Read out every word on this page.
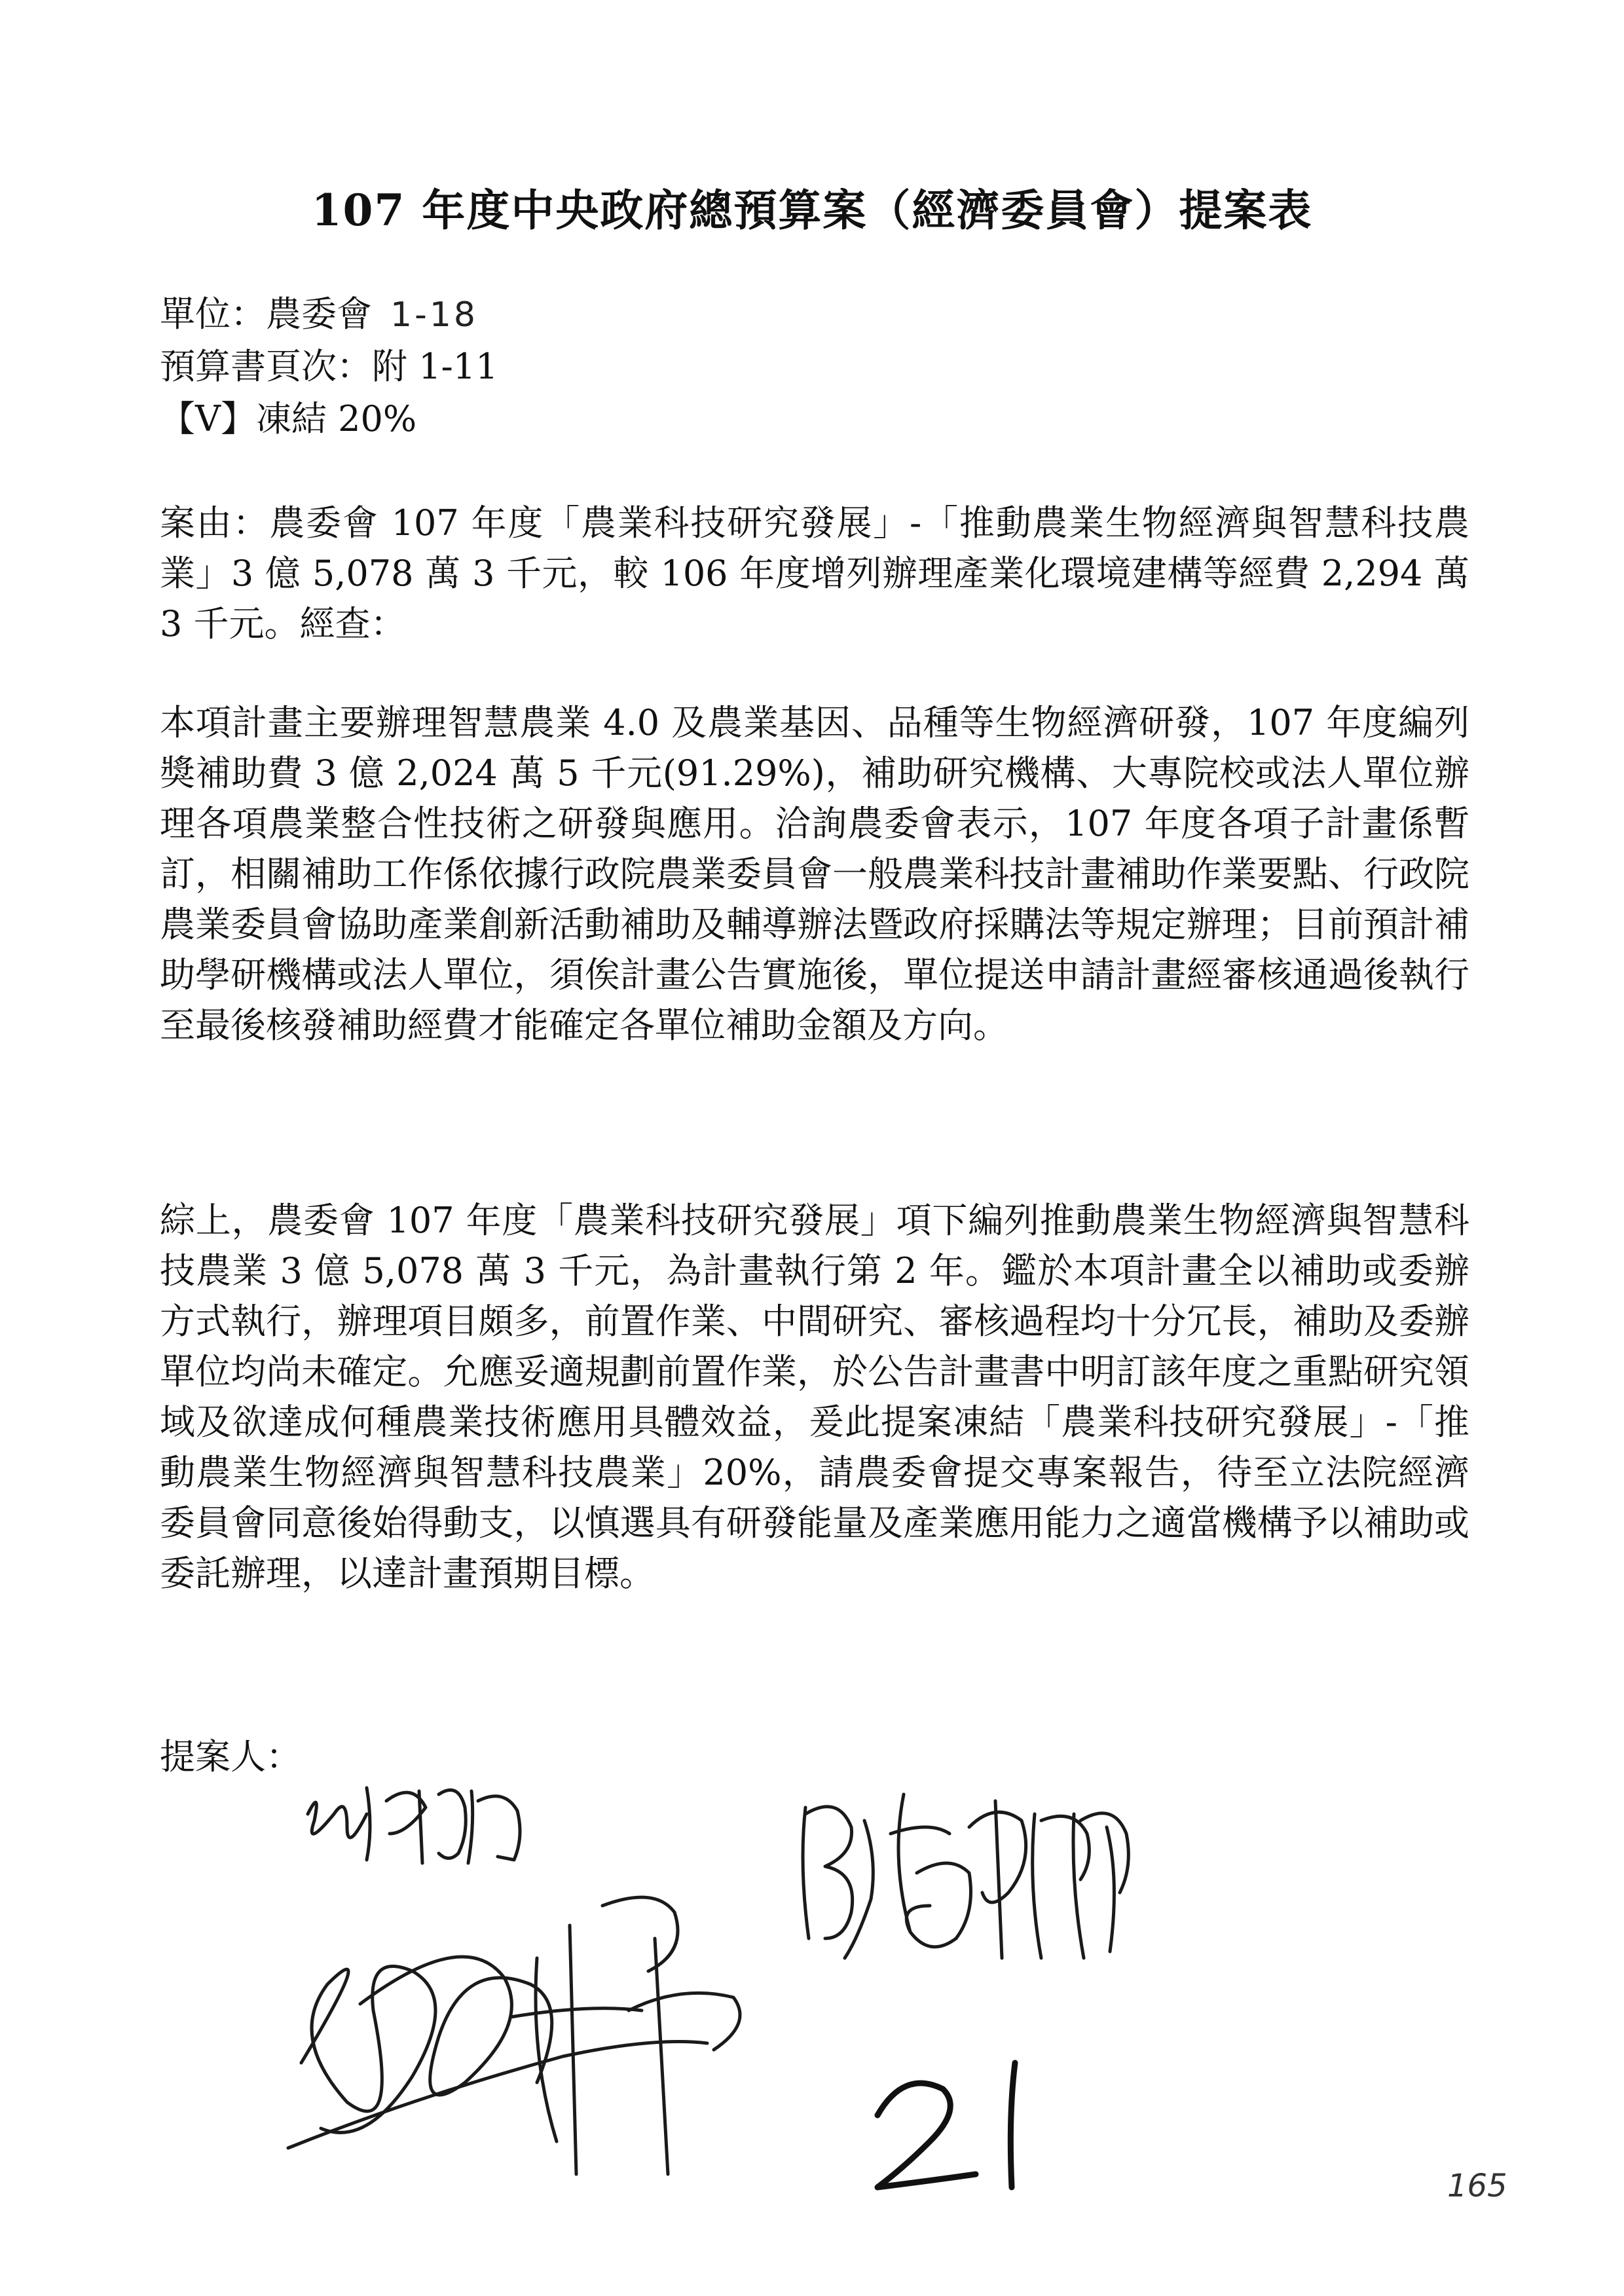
107 年度中央政府總預算案（經濟委員會）提案表
單位：農委會 1-18
預算書頁次：附 1-11
【V】凍結 20%
案由：農委會 107 年度「農業科技研究發展」-「推動農業生物經濟與智慧科技農業」3 億 5,078 萬 3 千元，較 106 年度增列辦理產業化環境建構等經費 2,294 萬 3 千元。經查：
本項計畫主要辦理智慧農業 4.0 及農業基因、品種等生物經濟研發，107 年度編列獎補助費 3 億 2,024 萬 5 千元(91.29%)，補助研究機構、大專院校或法人單位辦理各項農業整合性技術之研發與應用。洽詢農委會表示，107 年度各項子計畫係暫訂，相關補助工作係依據行政院農業委員會一般農業科技計畫補助作業要點、行政院農業委員會協助產業創新活動補助及輔導辦法暨政府採購法等規定辦理；目前預計補助學研機構或法人單位，須俟計畫公告實施後，單位提送申請計畫經審核通過後執行至最後核發補助經費才能確定各單位補助金額及方向。
綜上，農委會 107 年度「農業科技研究發展」項下編列推動農業生物經濟與智慧科技農業 3 億 5,078 萬 3 千元，為計畫執行第 2 年。鑑於本項計畫全以補助或委辦方式執行，辦理項目頗多，前置作業、中間研究、審核過程均十分冗長，補助及委辦單位均尚未確定。允應妥適規劃前置作業，於公告計畫書中明訂該年度之重點研究領域及欲達成何種農業技術應用具體效益，爰此提案凍結「農業科技研究發展」-「推動農業生物經濟與智慧科技農業」20%，請農委會提交專案報告，待至立法院經濟委員會同意後始得動支，以慎選具有研發能量及產業應用能力之適當機構予以補助或委託辦理，以達計畫預期目標。
提案人：
165
